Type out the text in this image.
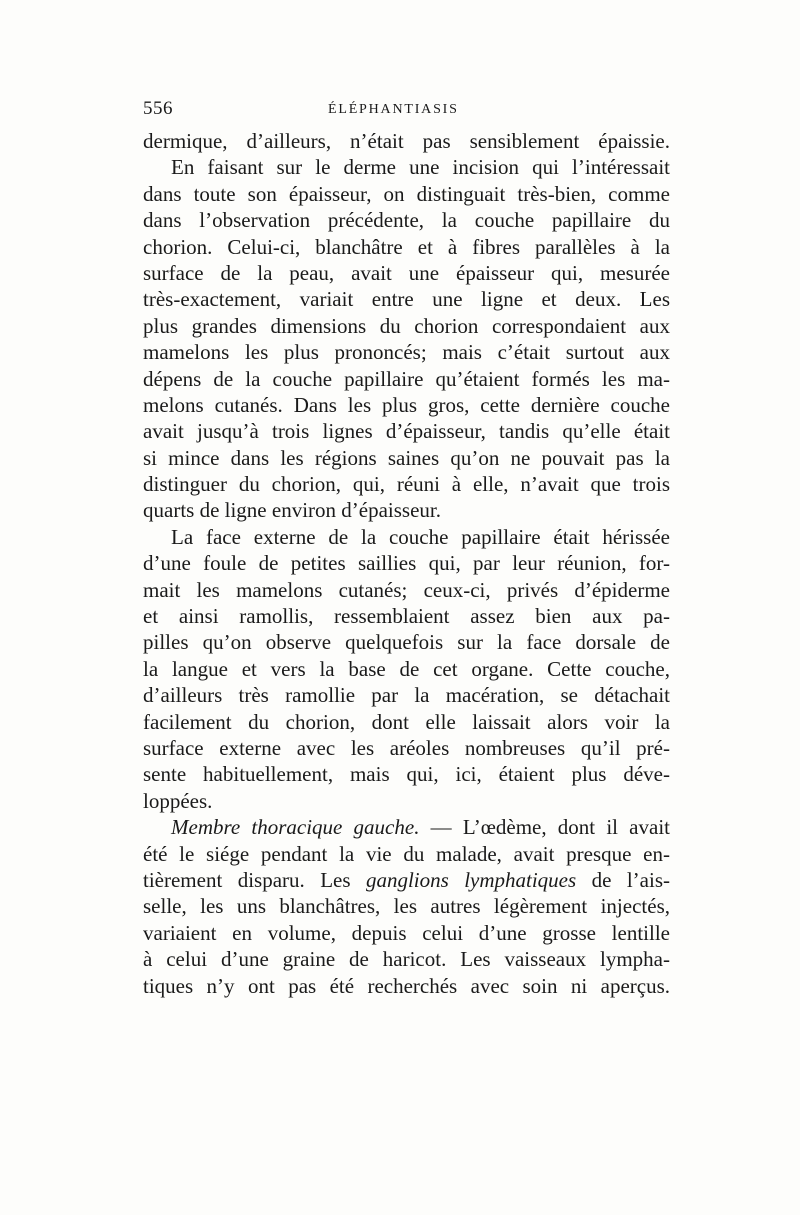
556	ÉLÉPHANTIASIS
dermique, d’ailleurs, n’était pas sensiblement épaissie.
En faisant sur le derme une incision qui l’intéressait
dans toute son épaisseur, on distinguait très-bien, comme
dans l’observation précédente, la couche papillaire du
chorion. Celui-ci, blanchâtre et à fibres parallèles à la
surface de la peau, avait une épaisseur qui, mesurée
très-exactement, variait entre une ligne et deux. Les
plus grandes dimensions du chorion correspondaient aux
mamelons les plus prononcés; mais c’était surtout aux
dépens de la couche papillaire qu’étaient formés les ma-
melons cutanés. Dans les plus gros, cette dernière couche
avait jusqu’à trois lignes d’épaisseur, tandis qu’elle était
si mince dans les régions saines qu’on ne pouvait pas la
distinguer du chorion, qui, réuni à elle, n’avait que trois
quarts de ligne environ d’épaisseur.
La face externe de la couche papillaire était hérissée
d’une foule de petites saillies qui, par leur réunion, for-
mait les mamelons cutanés; ceux-ci, privés d’épiderme
et ainsi ramollis, ressemblaient assez bien aux pa-
pilles qu’on observe quelquefois sur la face dorsale de
la langue et vers la base de cet organe. Cette couche,
d’ailleurs très ramollie par la macération, se détachait
facilement du chorion, dont elle laissait alors voir la
surface externe avec les aréoles nombreuses qu’il pré-
sente habituellement, mais qui, ici, étaient plus déve-
loppées.
Membre thoracique gauche. — L’œdème, dont il avait
été le siége pendant la vie du malade, avait presque en-
tièrement disparu. Les ganglions lymphatiques de l’ais-
selle, les uns blanchâtres, les autres légèrement injectés,
variaient en volume, depuis celui d’une grosse lentille
à celui d’une graine de haricot. Les vaisseaux lympha-
tiques n’y ont pas été recherchés avec soin ni aperçus.
